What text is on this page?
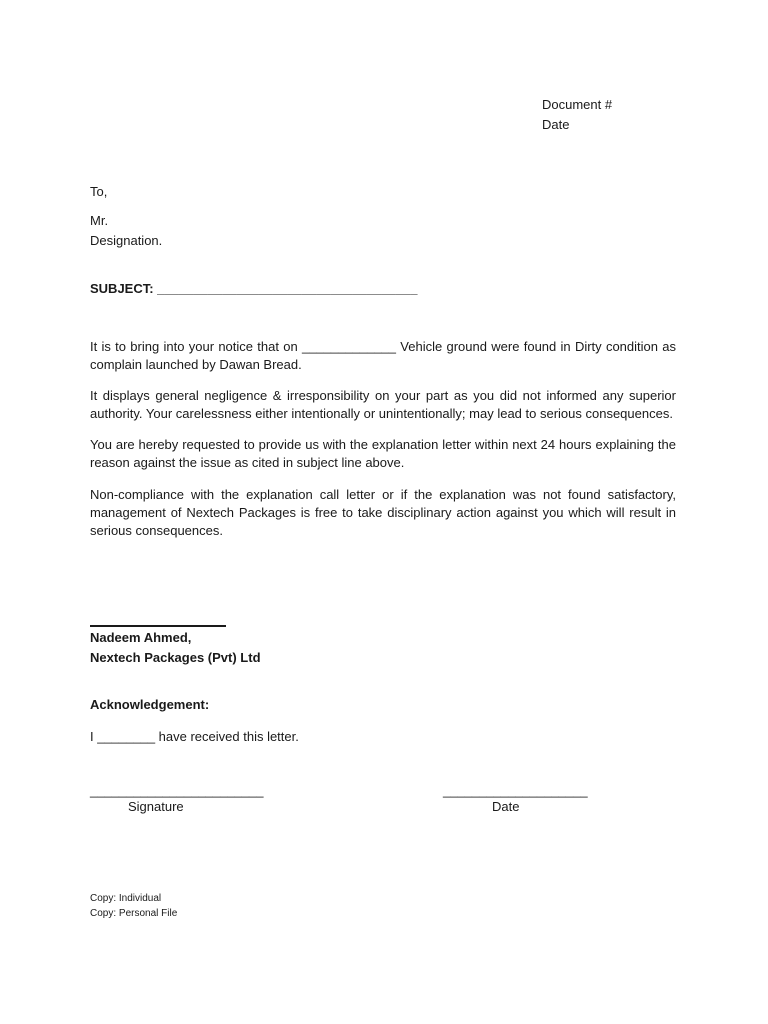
Document #
Date
To,
Mr.
Designation.
SUBJECT: ____________________________________
It is to bring into your notice that on _____________ Vehicle ground were found in Dirty condition as complain launched by Dawan Bread.
It displays general negligence & irresponsibility on your part as you did not informed any superior authority. Your carelessness either intentionally or unintentionally; may lead to serious consequences.
You are hereby requested to provide us with the explanation letter within next 24 hours explaining the reason against the issue as cited in subject line above.
Non-compliance with the explanation call letter or if the explanation was not found satisfactory, management of Nextech Packages is free to take disciplinary action against you which will result in serious consequences.
Nadeem Ahmed,
Nextech Packages (Pvt) Ltd
Acknowledgement:
I ________ have received this letter.
________________________
Signature
____________________
Date
Copy: Individual
Copy: Personal File
